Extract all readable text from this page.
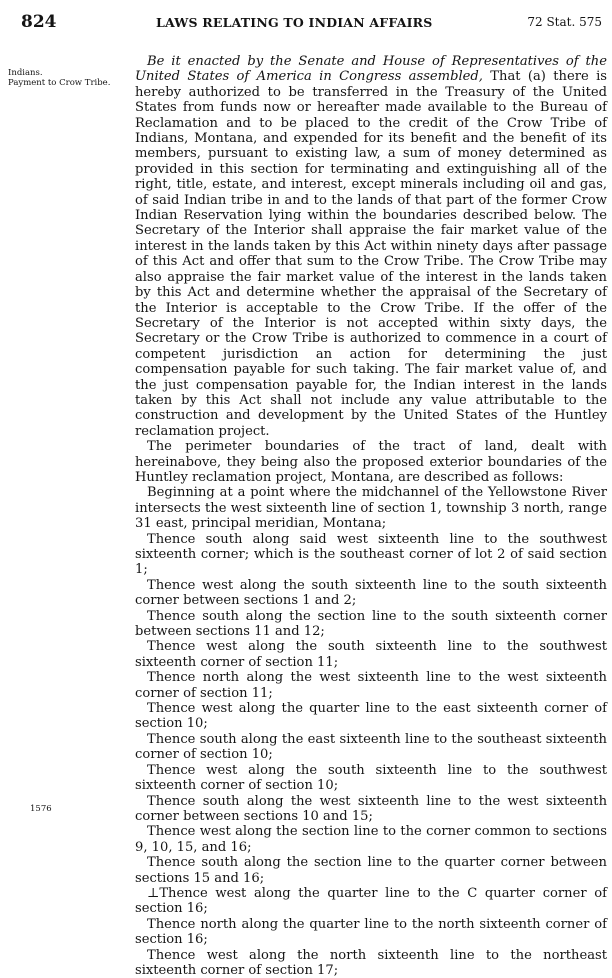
824	LAWS RELATING TO INDIAN AFFAIRS	72 Stat. 575
Indians.
Payment to Crow Tribe.
1576

Be it enacted by the Senate and House of Representatives of the United States of America in Congress assembled, That (a) there is hereby authorized to be transferred in the Treasury of the United States from funds now or hereafter made available to the Bureau of Reclamation and to be placed to the credit of the Crow Tribe of Indians, Montana, and expended for its benefit and the benefit of its members, pursuant to existing law, a sum of money determined as provided in this section for terminating and extinguishing all of the right, title, estate, and interest, except minerals including oil and gas, of said Indian tribe in and to the lands of that part of the former Crow Indian Reservation lying within the boundaries described below. The Secretary of the Interior shall appraise the fair market value of the interest in the lands taken by this Act within ninety days after passage of this Act and offer that sum to the Crow Tribe. The Crow Tribe may also appraise the fair market value of the interest in the lands taken by this Act and determine whether the appraisal of the Secretary of the Interior is acceptable to the Crow Tribe. If the offer of the Secretary of the Interior is not accepted within sixty days, the Secretary or the Crow Tribe is authorized to commence in a court of competent jurisdiction an action for determining the just compensation payable for such taking. The fair market value of, and the just compensation payable for, the Indian interest in the lands taken by this Act shall not include any value attributable to the construction and development by the United States of the Huntley reclamation project.

The perimeter boundaries of the tract of land, dealt with hereinabove, they being also the proposed exterior boundaries of the Huntley reclamation project, Montana, are described as follows:

Beginning at a point where the midchannel of the Yellowstone River intersects the west sixteenth line of section 1, township 3 north, range 31 east, principal meridian, Montana;

Thence south along said west sixteenth line to the southwest sixteenth corner; which is the southeast corner of lot 2 of said section 1;

Thence west along the south sixteenth line to the south sixteenth corner between sections 1 and 2;

Thence south along the section line to the south sixteenth corner between sections 11 and 12;

Thence west along the south sixteenth line to the southwest sixteenth corner of section 11;

Thence north along the west sixteenth line to the west sixteenth corner of section 11;

Thence west along the quarter line to the east sixteenth corner of section 10;

Thence south along the east sixteenth line to the southeast sixteenth corner of section 10;

Thence west along the south sixteenth line to the southwest sixteenth corner of section 10;

Thence south along the west sixteenth line to the west sixteenth corner between sections 10 and 15;

Thence west along the section line to the corner common to sections 9, 10, 15, and 16;

Thence south along the section line to the quarter corner between sections 15 and 16;

⊥Thence west along the quarter line to the C quarter corner of section 16;

Thence north along the quarter line to the north sixteenth corner of section 16;

Thence west along the north sixteenth line to the northeast sixteenth corner of section 17;
